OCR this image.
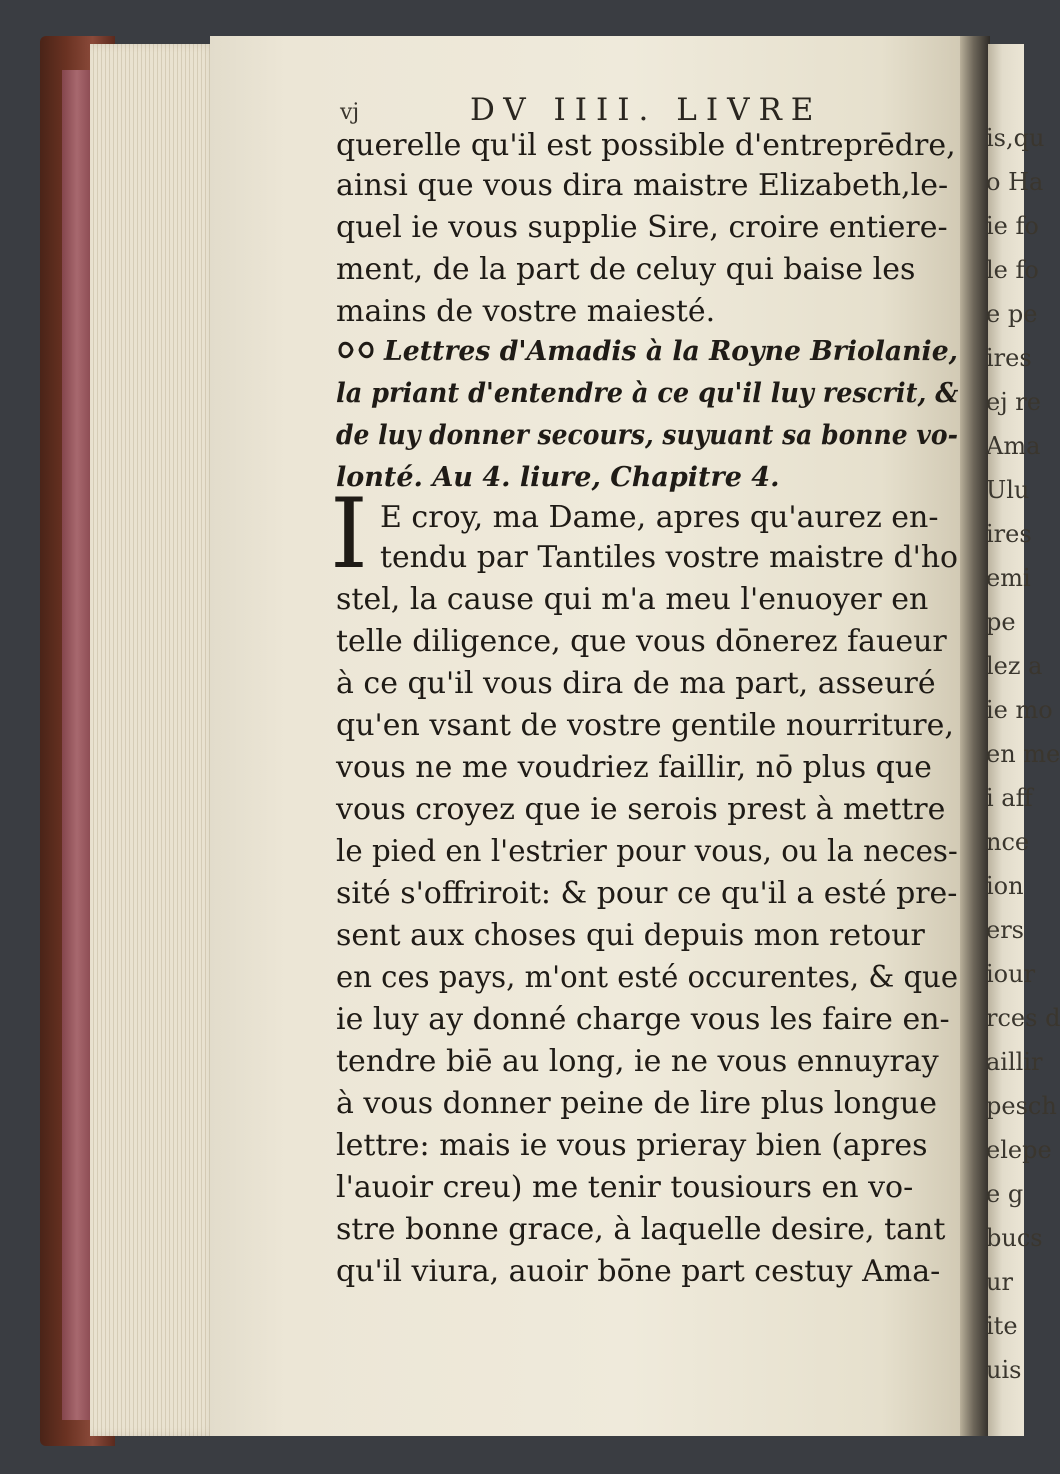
is,qu
o Ha
ie fo
le fo
e pe
ires
ej re
Ama
Ulu
ires
emi
pe
lez a
ie mo
en me
i aff
nce
ion
ers
iour
rces d
aillir
pesch
elepe
e g
bucs
ur
ite
uis
vj	DV IIII. LIVRE
querelle qu'il est possible d'entreprēdre,
ainsi que vous dira maistre Elizabeth,le-
quel ie vous supplie Sire, croire entiere-
ment, de la part de celuy qui baise les
mains de vostre maiesté.
Lettres d'Amadis à la Royne Briolanie,
la priant d'entendre à ce qu'il luy rescrit, &
de luy donner secours, suyuant sa bonne vo-
lonté. Au 4. liure, Chapitre 4.
I E croy, ma Dame, apres qu'aurez en-
tendu par Tantiles vostre maistre d'ho
stel, la cause qui m'a meu l'enuoyer en
telle diligence, que vous dōnerez faueur
à ce qu'il vous dira de ma part, asseuré
qu'en vsant de vostre gentile nourriture,
vous ne me voudriez faillir, nō plus que
vous croyez que ie serois prest à mettre
le pied en l'estrier pour vous, ou la neces-
sité s'offriroit: & pour ce qu'il a esté pre-
sent aux choses qui depuis mon retour
en ces pays, m'ont esté occurentes, & que
ie luy ay donné charge vous les faire en-
tendre biē au long, ie ne vous ennuyray
à vous donner peine de lire plus longue
lettre: mais ie vous prieray bien (apres
l'auoir creu) me tenir tousiours en vo-
stre bonne grace, à laquelle desire, tant
qu'il viura, auoir bōne part cestuy Ama-
